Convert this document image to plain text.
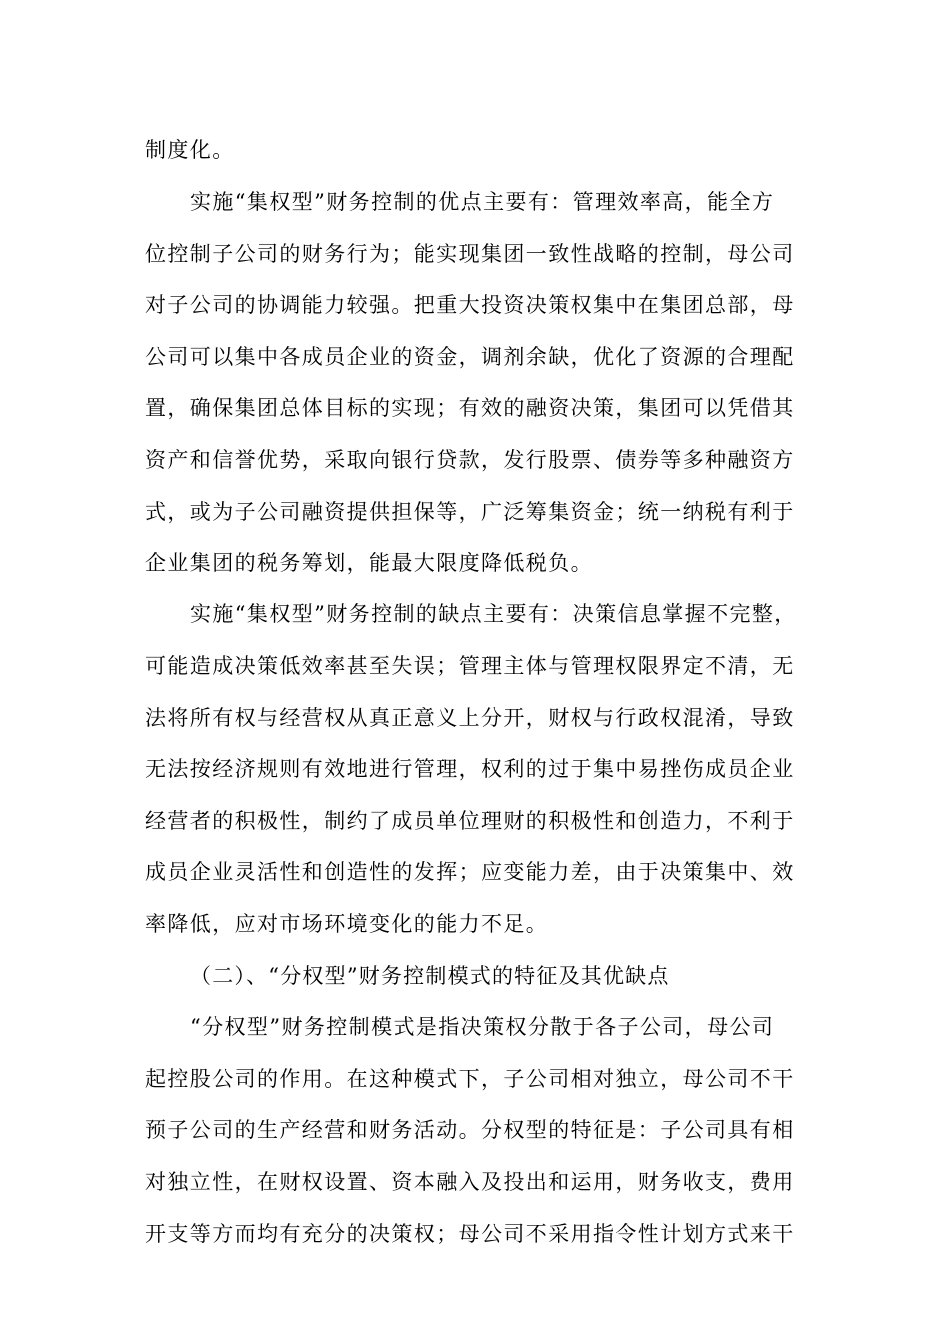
制度化。
实施“集权型”财务控制的优点主要有：管理效率高，能全方
位控制子公司的财务行为；能实现集团一致性战略的控制，母公司
对子公司的协调能力较强。把重大投资决策权集中在集团总部，母
公司可以集中各成员企业的资金，调剂余缺，优化了资源的合理配
置，确保集团总体目标的实现；有效的融资决策，集团可以凭借其
资产和信誉优势，采取向银行贷款，发行股票、债券等多种融资方
式，或为子公司融资提供担保等，广泛筹集资金；统一纳税有利于
企业集团的税务筹划，能最大限度降低税负。
实施“集权型”财务控制的缺点主要有：决策信息掌握不完整，
可能造成决策低效率甚至失误；管理主体与管理权限界定不清，无
法将所有权与经营权从真正意义上分开，财权与行政权混淆，导致
无法按经济规则有效地进行管理，权利的过于集中易挫伤成员企业
经营者的积极性，制约了成员单位理财的积极性和创造力，不利于
成员企业灵活性和创造性的发挥；应变能力差，由于决策集中、效
率降低，应对市场环境变化的能力不足。
（二）、“分权型”财务控制模式的特征及其优缺点
“分权型”财务控制模式是指决策权分散于各子公司，母公司
起控股公司的作用。在这种模式下，子公司相对独立，母公司不干
预子公司的生产经营和财务活动。分权型的特征是：子公司具有相
对独立性，在财权设置、资本融入及投出和运用，财务收支，费用
开支等方而均有充分的决策权；母公司不采用指令性计划方式来干
